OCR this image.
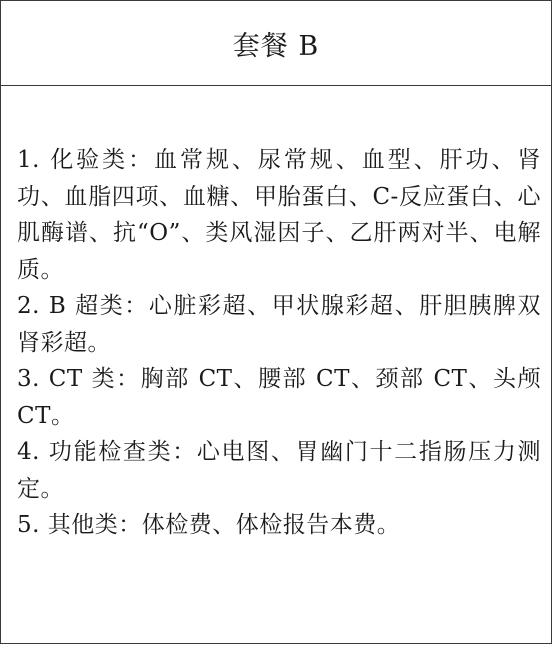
套餐 B

1. 化验类：血常规、尿常规、血型、肝功、肾功、血脂四项、血糖、甲胎蛋白、C-反应蛋白、心肌酶谱、抗“O”、类风湿因子、乙肝两对半、电解质。

2. B 超类：心脏彩超、甲状腺彩超、肝胆胰脾双肾彩超。

3. CT 类：胸部 CT、腰部 CT、颈部 CT、头颅 CT。

4. 功能检查类：心电图、胃幽门十二指肠压力测定。

5. 其他类：体检费、体检报告本费。
